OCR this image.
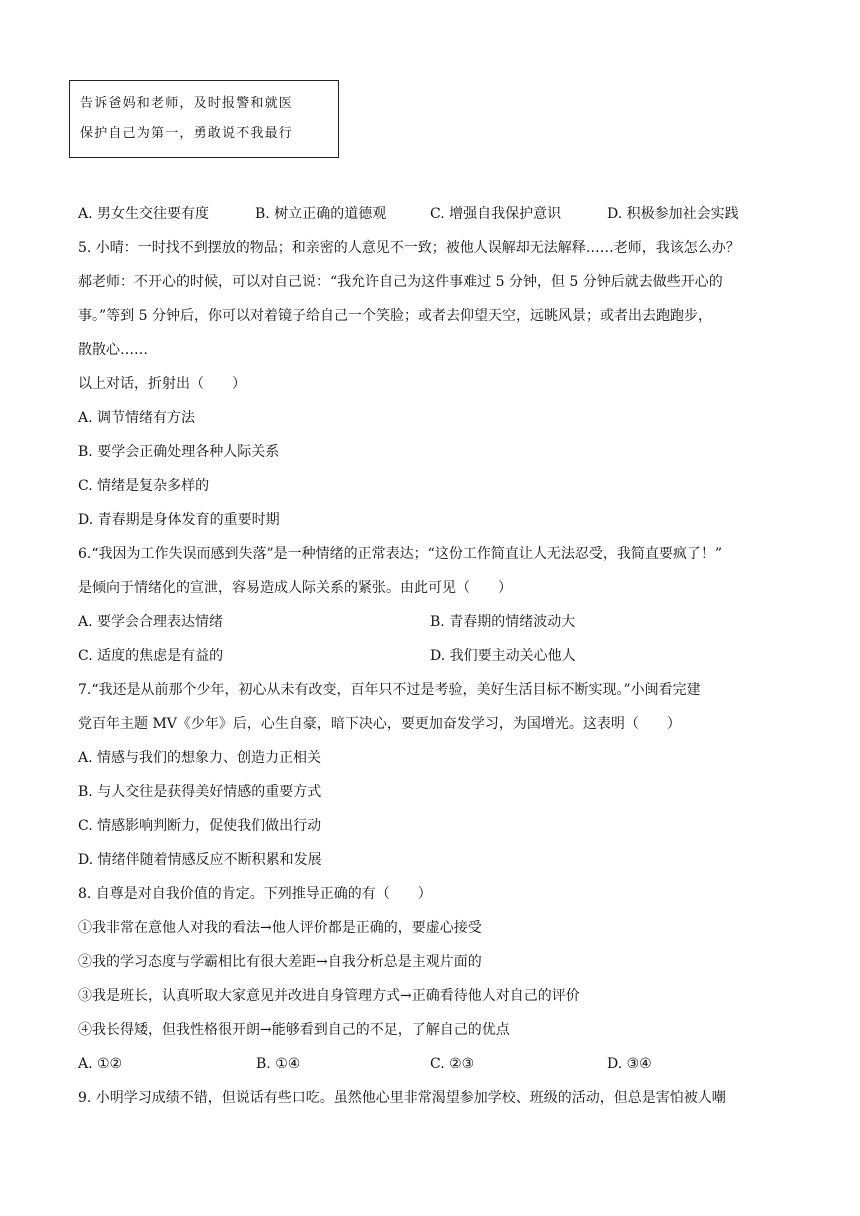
告诉爸妈和老师，及时报警和就医

保护自己为第一，勇敢说不我最行

A. 男女生交往要有度	B. 树立正确的道德观	C. 增强自我保护意识	D. 积极参加社会实践
5. 小晴：一时找不到摆放的物品；和亲密的人意见不一致；被他人误解却无法解释……老师，我该怎么办？
郝老师：不开心的时候，可以对自己说：“我允许自己为这件事难过 5 分钟，但 5 分钟后就去做些开心的
事。”等到 5 分钟后，你可以对着镜子给自己一个笑脸；或者去仰望天空，远眺风景；或者出去跑跑步，
散散心……
以上对话，折射出（　　）
A. 调节情绪有方法
B. 要学会正确处理各种人际关系
C. 情绪是复杂多样的
D. 青春期是身体发育的重要时期
6.“我因为工作失误而感到失落”是一种情绪的正常表达；“这份工作简直让人无法忍受，我简直要疯了！”
是倾向于情绪化的宣泄，容易造成人际关系的紧张。由此可见（　　）
A. 要学会合理表达情绪	B. 青春期的情绪波动大
C. 适度的焦虑是有益的	D. 我们要主动关心他人
7.“我还是从前那个少年，初心从未有改变，百年只不过是考验，美好生活目标不断实现。”小闽看完建
党百年主题 MV《少年》后，心生自豪，暗下决心，要更加奋发学习，为国增光。这表明（　　）
A. 情感与我们的想象力、创造力正相关
B. 与人交往是获得美好情感的重要方式
C. 情感影响判断力，促使我们做出行动
D. 情绪伴随着情感反应不断积累和发展
8. 自尊是对自我价值的肯定。下列推导正确的有（　　）
①我非常在意他人对我的看法→他人评价都是正确的，要虚心接受
②我的学习态度与学霸相比有很大差距→自我分析总是主观片面的
③我是班长，认真听取大家意见并改进自身管理方式→正确看待他人对自己的评价
④我长得矮，但我性格很开朗→能够看到自己的不足，了解自己的优点
A. ①②	B. ①④	C. ②③	D. ③④
9. 小明学习成绩不错，但说话有些口吃。虽然他心里非常渴望参加学校、班级的活动，但总是害怕被人嘲
